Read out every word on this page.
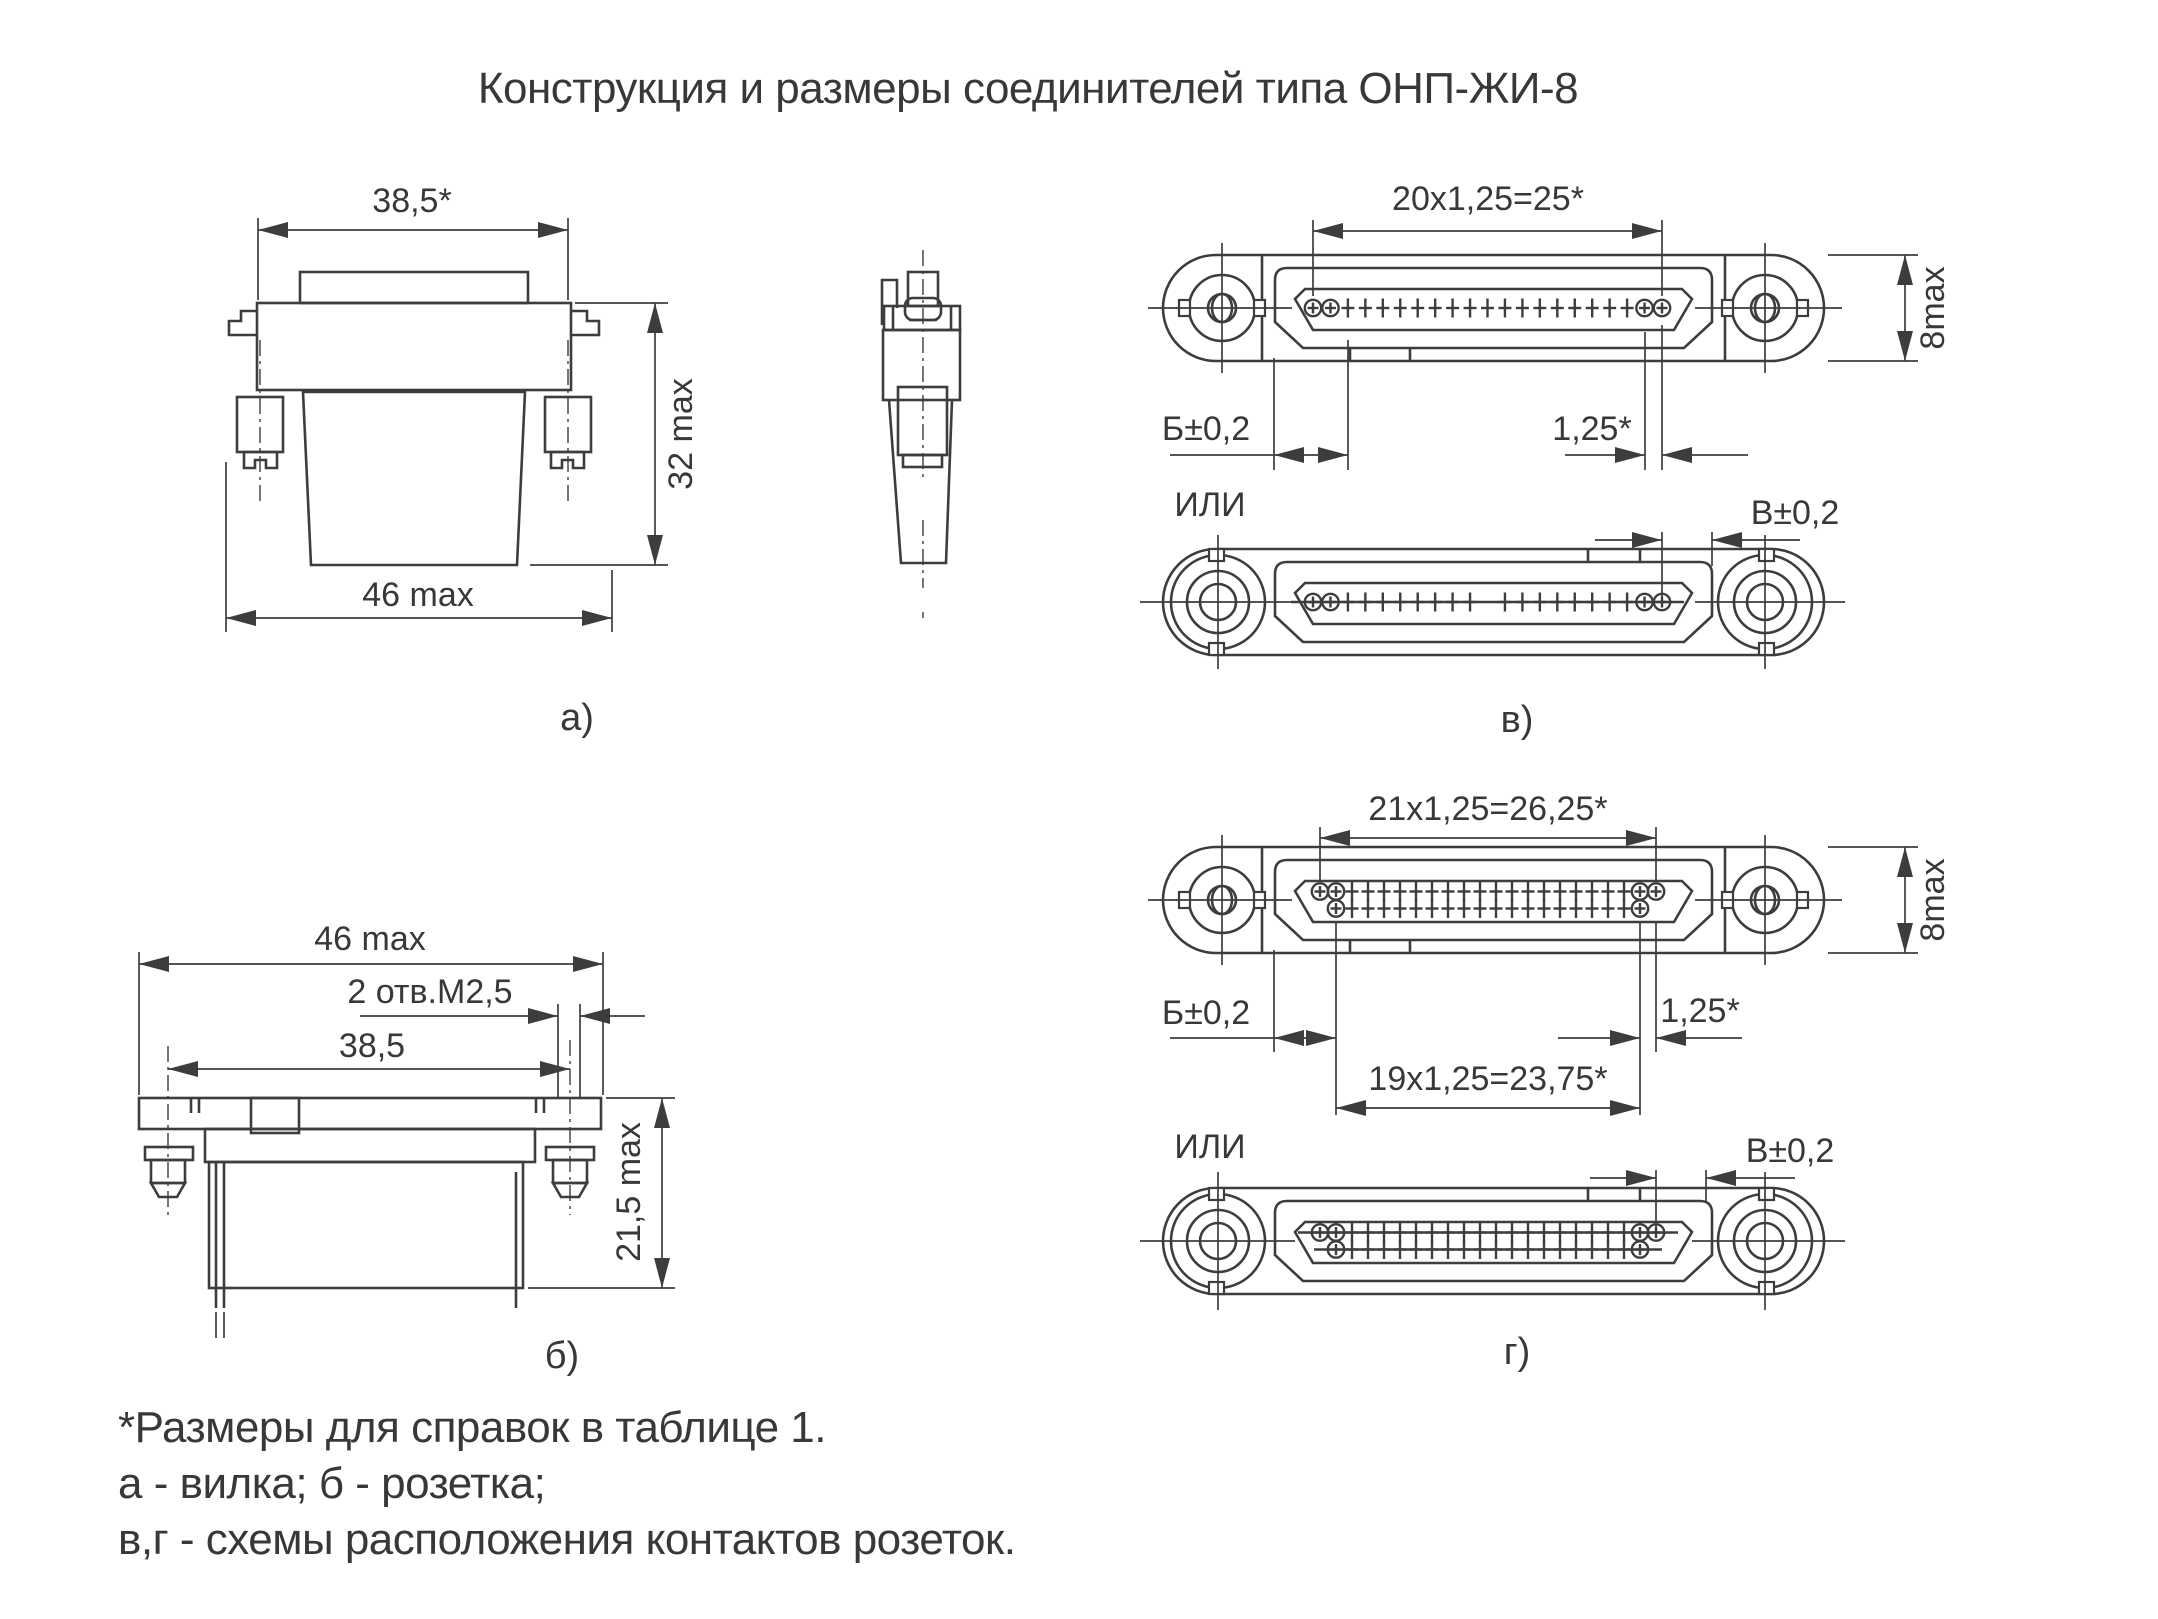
Конструкция и размеры соединителей типа ОНП-ЖИ-8
38,5*
32 max
46 max
а)
20x1,25=25*
8max
Б±0,2	1,25*
ИЛИ	В±0,2
в)
46 max
2 отв.М2,5
38,5
21,5 max
б)
21х1,25=26,25*
8max
Б±0,2	1,25*
19х1,25=23,75*
ИЛИ	В±0,2
г)
*Размеры для справок в таблице 1.
а - вилка; б - розетка;
в,г - схемы расположения контактов розеток.
